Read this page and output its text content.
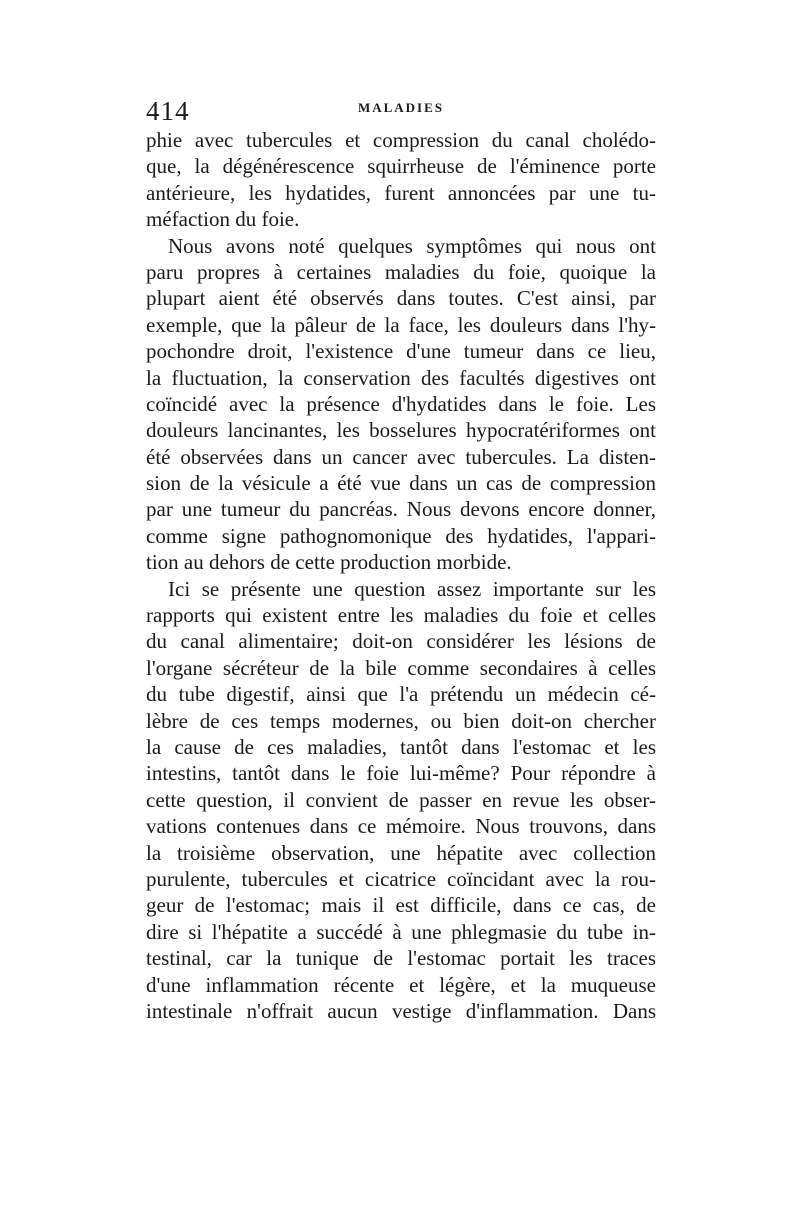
414	MALADIES
phie avec tubercules et compression du canal cholédo-
que, la dégénérescence squirrheuse de l'éminence porte
antérieure, les hydatides, furent annoncées par une tu-
méfaction du foie.
Nous avons noté quelques symptômes qui nous ont
paru propres à certaines maladies du foie, quoique la
plupart aient été observés dans toutes. C'est ainsi, par
exemple, que la pâleur de la face, les douleurs dans l'hy-
pochondre droit, l'existence d'une tumeur dans ce lieu,
la fluctuation, la conservation des facultés digestives ont
coïncidé avec la présence d'hydatides dans le foie. Les
douleurs lancinantes, les bosselures hypocratériformes ont
été observées dans un cancer avec tubercules. La disten-
sion de la vésicule a été vue dans un cas de compression
par une tumeur du pancréas. Nous devons encore donner,
comme signe pathognomonique des hydatides, l'appari-
tion au dehors de cette production morbide.
Ici se présente une question assez importante sur les
rapports qui existent entre les maladies du foie et celles
du canal alimentaire; doit-on considérer les lésions de
l'organe sécréteur de la bile comme secondaires à celles
du tube digestif, ainsi que l'a prétendu un médecin cé-
lèbre de ces temps modernes, ou bien doit-on chercher
la cause de ces maladies, tantôt dans l'estomac et les
intestins, tantôt dans le foie lui-même? Pour répondre à
cette question, il convient de passer en revue les obser-
vations contenues dans ce mémoire. Nous trouvons, dans
la troisième observation, une hépatite avec collection
purulente, tubercules et cicatrice coïncidant avec la rou-
geur de l'estomac; mais il est difficile, dans ce cas, de
dire si l'hépatite a succédé à une phlegmasie du tube in-
testinal, car la tunique de l'estomac portait les traces
d'une inflammation récente et légère, et la muqueuse
intestinale n'offrait aucun vestige d'inflammation. Dans
